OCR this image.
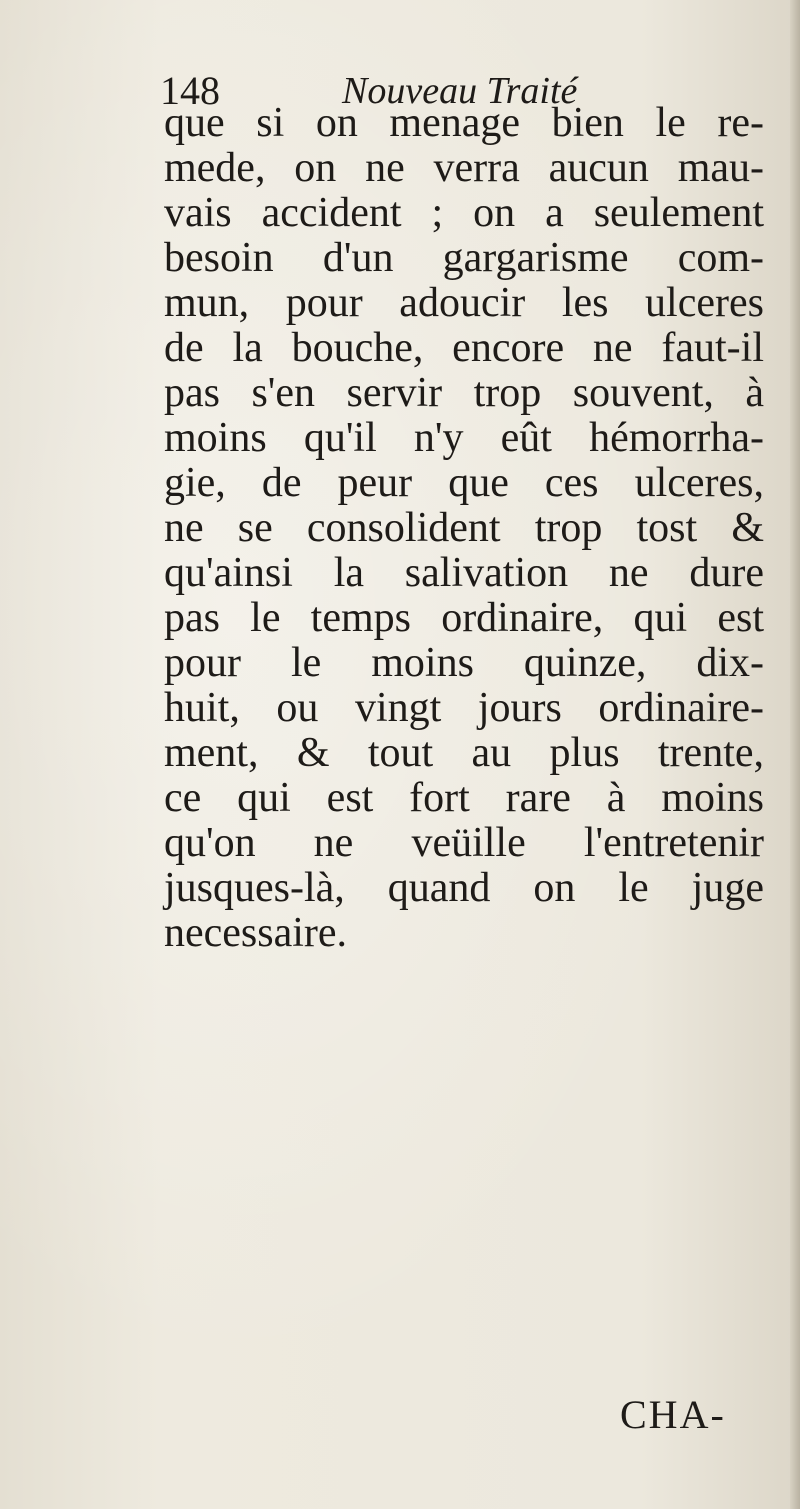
148	Nouveau Traité
que si on menage bien le re-
mede, on ne verra aucun mau-
vais accident ; on a seulement
besoin d'un gargarisme com-
mun, pour adoucir les ulceres
de la bouche, encore ne faut-il
pas s'en servir trop souvent, à
moins qu'il n'y eût hémorrha-
gie, de peur que ces ulceres,
ne se consolident trop tost &
qu'ainsi la salivation ne dure
pas le temps ordinaire, qui est
pour le moins quinze, dix-
huit, ou vingt jours ordinaire-
ment, & tout au plus trente,
ce qui est fort rare à moins
qu'on ne veüille l'entretenir
jusques-là, quand on le juge
necessaire.
CHA-
